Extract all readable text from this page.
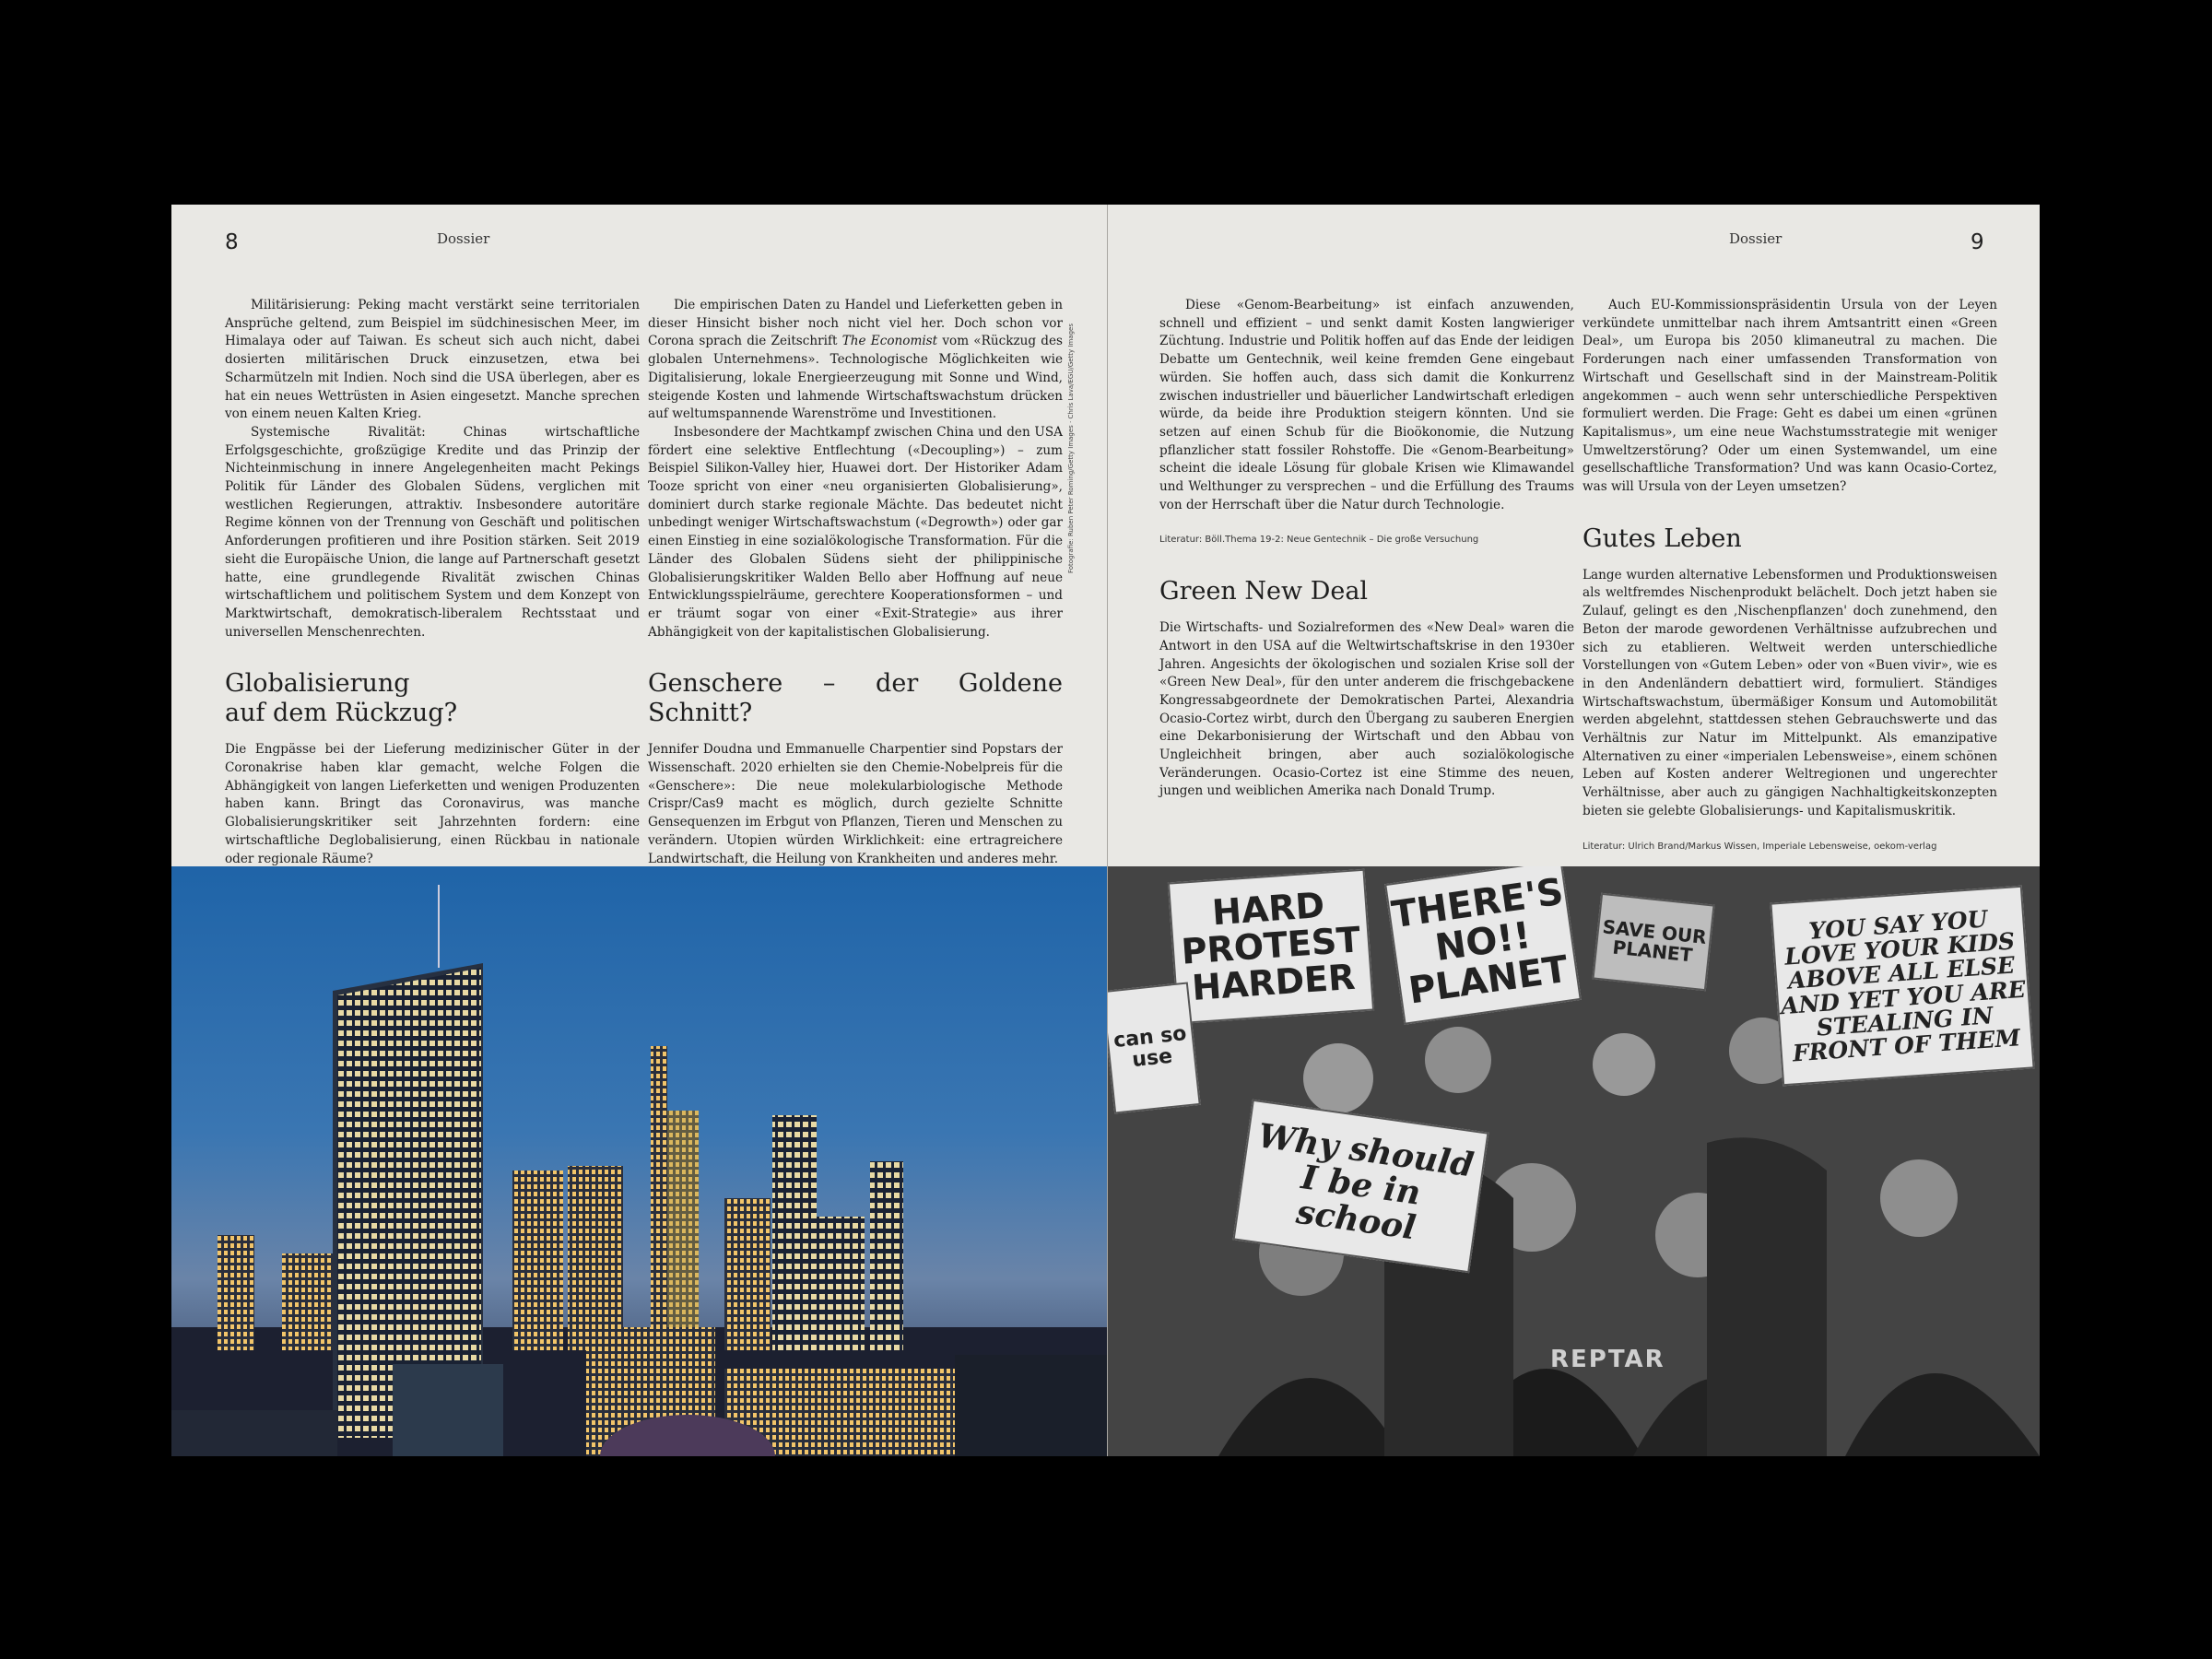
8	Dossier

Militärisierung: Peking macht verstärkt seine territorialen Ansprüche geltend, zum Beispiel im südchinesischen Meer, im Himalaya oder auf Taiwan. Es scheut sich auch nicht, dabei dosierten militärischen Druck einzusetzen, etwa bei Scharmützeln mit Indien. Noch sind die USA überlegen, aber es hat ein neues Wettrüsten in Asien eingesetzt. Manche sprechen von einem neuen Kalten Krieg.

Systemische Rivalität: Chinas wirtschaftliche Erfolgsgeschichte, großzügige Kredite und das Prinzip der Nichteinmischung in innere Angelegenheiten macht Pekings Politik für Länder des Globalen Südens, verglichen mit westlichen Regierungen, attraktiv. Insbesondere autoritäre Regime können von der Trennung von Geschäft und politischen Anforderungen profitieren und ihre Position stärken. Seit 2019 sieht die Europäische Union, die lange auf Partnerschaft gesetzt hatte, eine grundlegende Rivalität zwischen Chinas wirtschaftlichem und politischem System und dem Konzept von Marktwirtschaft, demokratisch-liberalem Rechtsstaat und universellen Menschenrechten.

Globalisierung
auf dem Rückzug?

Die Engpässe bei der Lieferung medizinischer Güter in der Coronakrise haben klar gemacht, welche Folgen die Abhängigkeit von langen Lieferketten und wenigen Produzenten haben kann. Bringt das Coronavirus, was manche Globalisierungskritiker seit Jahrzehnten fordern: eine wirtschaftliche Deglobalisierung, einen Rückbau in nationale oder regionale Räume?

Die empirischen Daten zu Handel und Lieferketten geben in dieser Hinsicht bisher noch nicht viel her. Doch schon vor Corona sprach die Zeitschrift The Economist vom «Rückzug des globalen Unternehmens». Technologische Möglichkeiten wie Digitalisierung, lokale Energieerzeugung mit Sonne und Wind, steigende Kosten und lahmende Wirtschaftswachstum drücken auf weltumspannende Warenströme und Investitionen.

Insbesondere der Machtkampf zwischen China und den USA fördert eine selektive Entflechtung («Decoupling») – zum Beispiel Silikon-Valley hier, Huawei dort. Der Historiker Adam Tooze spricht von einer «neu organisierten Globalisierung», dominiert durch starke regionale Mächte. Das bedeutet nicht unbedingt weniger Wirtschaftswachstum («Degrowth») oder gar einen Einstieg in eine sozialökologische Transformation. Für die Länder des Globalen Südens sieht der philippinische Globalisierungskritiker Walden Bello aber Hoffnung auf neue Entwicklungsspielräume, gerechtere Kooperationsformen – und er träumt sogar von einer «Exit-Strategie» aus ihrer Abhängigkeit von der kapitalistischen Globalisierung.

Genschere – der Goldene Schnitt?

Jennifer Doudna und Emmanuelle Charpentier sind Popstars der Wissenschaft. 2020 erhielten sie den Chemie-Nobelpreis für die «Genschere»: Die neue molekularbiologische Methode Crispr/Cas9 macht es möglich, durch gezielte Schnitte Gensequenzen im Erbgut von Pflanzen, Tieren und Menschen zu verändern. Utopien würden Wirklichkeit: eine ertragreichere Landwirtschaft, die Heilung von Krankheiten und anderes mehr.

Fotografie: Ruben Peter Roming/Getty Images · Chris Lava/EGU/Getty Images
Dossier	9

Diese «Genom-Bearbeitung» ist einfach anzuwenden, schnell und effizient – und senkt damit Kosten langwieriger Züchtung. Industrie und Politik hoffen auf das Ende der leidigen Debatte um Gentechnik, weil keine fremden Gene eingebaut würden. Sie hoffen auch, dass sich damit die Konkurrenz zwischen industrieller und bäuerlicher Landwirtschaft erledigen würde, da beide ihre Produktion steigern könnten. Und sie setzen auf einen Schub für die Bioökonomie, die Nutzung pflanzlicher statt fossiler Rohstoffe. Die «Genom-Bearbeitung» scheint die ideale Lösung für globale Krisen wie Klimawandel und Welthunger zu versprechen – und die Erfüllung des Traums von der Herrschaft über die Natur durch Technologie.

Literatur: Böll.Thema 19-2: Neue Gentechnik – Die große Versuchung
Green New Deal

Die Wirtschafts- und Sozialreformen des «New Deal» waren die Antwort in den USA auf die Weltwirtschaftskrise in den 1930er Jahren. Angesichts der ökologischen und sozialen Krise soll der «Green New Deal», für den unter anderem die frischgebackene Kongressabgeordnete der Demokratischen Partei, Alexandria Ocasio-Cortez wirbt, durch den Übergang zu sauberen Energien eine Dekarbonisierung der Wirtschaft und den Abbau von Ungleichheit bringen, aber auch sozialökologische Veränderungen. Ocasio-Cortez ist eine Stimme des neuen, jungen und weiblichen Amerika nach Donald Trump.

Auch EU-Kommissionspräsidentin Ursula von der Leyen verkündete unmittelbar nach ihrem Amtsantritt einen «Green Deal», um Europa bis 2050 klimaneutral zu machen. Die Forderungen nach einer umfassenden Transformation von Wirtschaft und Gesellschaft sind in der Mainstream-Politik angekommen – auch wenn sehr unterschiedliche Perspektiven formuliert werden. Die Frage: Geht es dabei um einen «grünen Kapitalismus», um eine neue Wachstumsstrategie mit weniger Umweltzerstörung? Oder um einen Systemwandel, um eine gesellschaftliche Transformation? Und was kann Ocasio-Cortez, was will Ursula von der Leyen umsetzen?

Gutes Leben

Lange wurden alternative Lebensformen und Produktionsweisen als weltfremdes Nischenprodukt belächelt. Doch jetzt haben sie Zulauf, gelingt es den ‚Nischenpflanzen' doch zunehmend, den Beton der marode gewordenen Verhältnisse aufzubrechen und sich zu etablieren. Weltweit werden unterschiedliche Vorstellungen von «Gutem Leben» oder von «Buen vivir», wie es in den Andenländern debattiert wird, formuliert. Ständiges Wirtschaftswachstum, übermäßiger Konsum und Automobilität werden abgelehnt, stattdessen stehen Gebrauchswerte und das Verhältnis zur Natur im Mittelpunkt. Als emanzipative Alternativen zu einer «imperialen Lebensweise», einem schönen Leben auf Kosten anderer Weltregionen und ungerechter Verhältnisse, aber auch zu gängigen Nachhaltigkeitskonzepten bieten sie gelebte Globalisierungs- und Kapitalismuskritik.

Literatur: Ulrich Brand/Markus Wissen, Imperiale Lebensweise, oekom-verlag
HARD PROTEST HARDER
THERE'S NO!! PLANET
SAVE OUR PLANET
YOU SAY YOU LOVE YOUR KIDS ABOVE ALL ELSE AND YET YOU ARE STEALING IN FRONT OF THEM
Why should I be in school
can so use
REPTAR
